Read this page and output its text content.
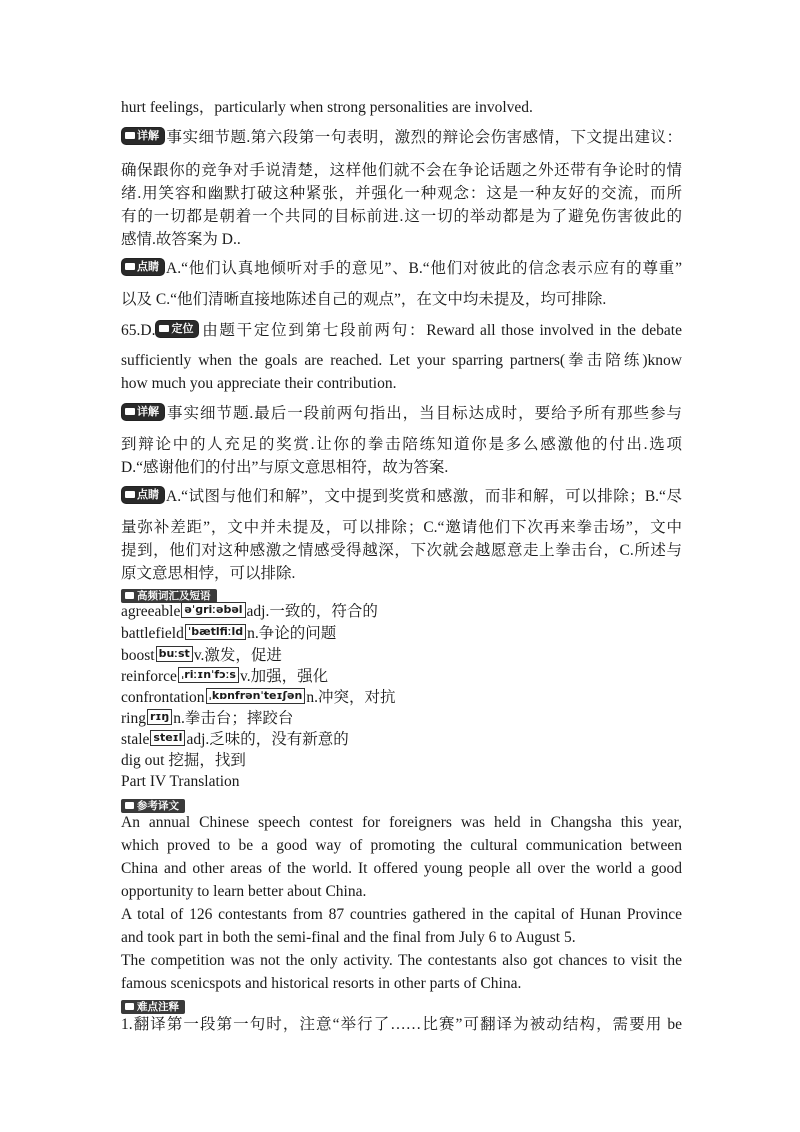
hurt feelings，particularly when strong personalities are involved.
详解 事实细节题.第六段第一句表明，激烈的辩论会伤害感情，下文提出建议：
确保跟你的竞争对手说清楚，这样他们就不会在争论话题之外还带有争论时的情
绪.用笑容和幽默打破这种紧张，并强化一种观念：这是一种友好的交流，而所
有的一切都是朝着一个共同的目标前进.这一切的举动都是为了避免伤害彼此的
感情.故答案为 D..
点睛 A.“他们认真地倾听对手的意见”、B.“他们对彼此的信念表示应有的尊重”
以及 C.“他们清晰直接地陈述自己的观点”，在文中均未提及，均可排除.
65.D. 定位 由题干定位到第七段前两句：Reward all those involved in the debate
sufficiently when the goals are reached. Let your sparring partners(拳击陪练)know
how much you appreciate their contribution.
详解 事实细节题.最后一段前两句指出，当目标达成时，要给予所有那些参与
到辩论中的人充足的奖赏.让你的拳击陪练知道你是多么感激他的付出.选项
D.“感谢他们的付出”与原文意思相符，故为答案.
点睛 A.“试图与他们和解”，文中提到奖赏和感激，而非和解，可以排除；B.“尽
量弥补差距”，文中并未提及，可以排除；C.“邀请他们下次再来拳击场”，文中
提到，他们对这种感激之情感受得越深，下次就会越愿意走上拳击台，C.所述与
原文意思相悖，可以排除.
高频词汇及短语
agreeable əˈɡriːəbəl adj.一致的，符合的
battlefield ˈbætlfiːld n.争论的问题
boost buːst v.激发，促进
reinforce ˌriːɪnˈfɔːs v.加强，强化
confrontation ˌkɒnfrənˈteɪʃən n.冲突，对抗
ring rɪŋ n.拳击台；摔跤台
stale steɪl adj.乏味的，没有新意的
dig out 挖掘，找到
Part IV Translation
参考译文
An annual Chinese speech contest for foreigners was held in Changsha this year,
which proved to be a good way of promoting the cultural communication between
China and other areas of the world. It offered young people all over the world a good
opportunity to learn better about China.
A total of 126 contestants from 87 countries gathered in the capital of Hunan Province
and took part in both the semi-final and the final from July 6 to August 5.
The competition was not the only activity. The contestants also got chances to visit the
famous scenicspots and historical resorts in other parts of China.
难点注释
1.翻译第一段第一句时，注意“举行了……比赛”可翻译为被动结构，需要用 be
